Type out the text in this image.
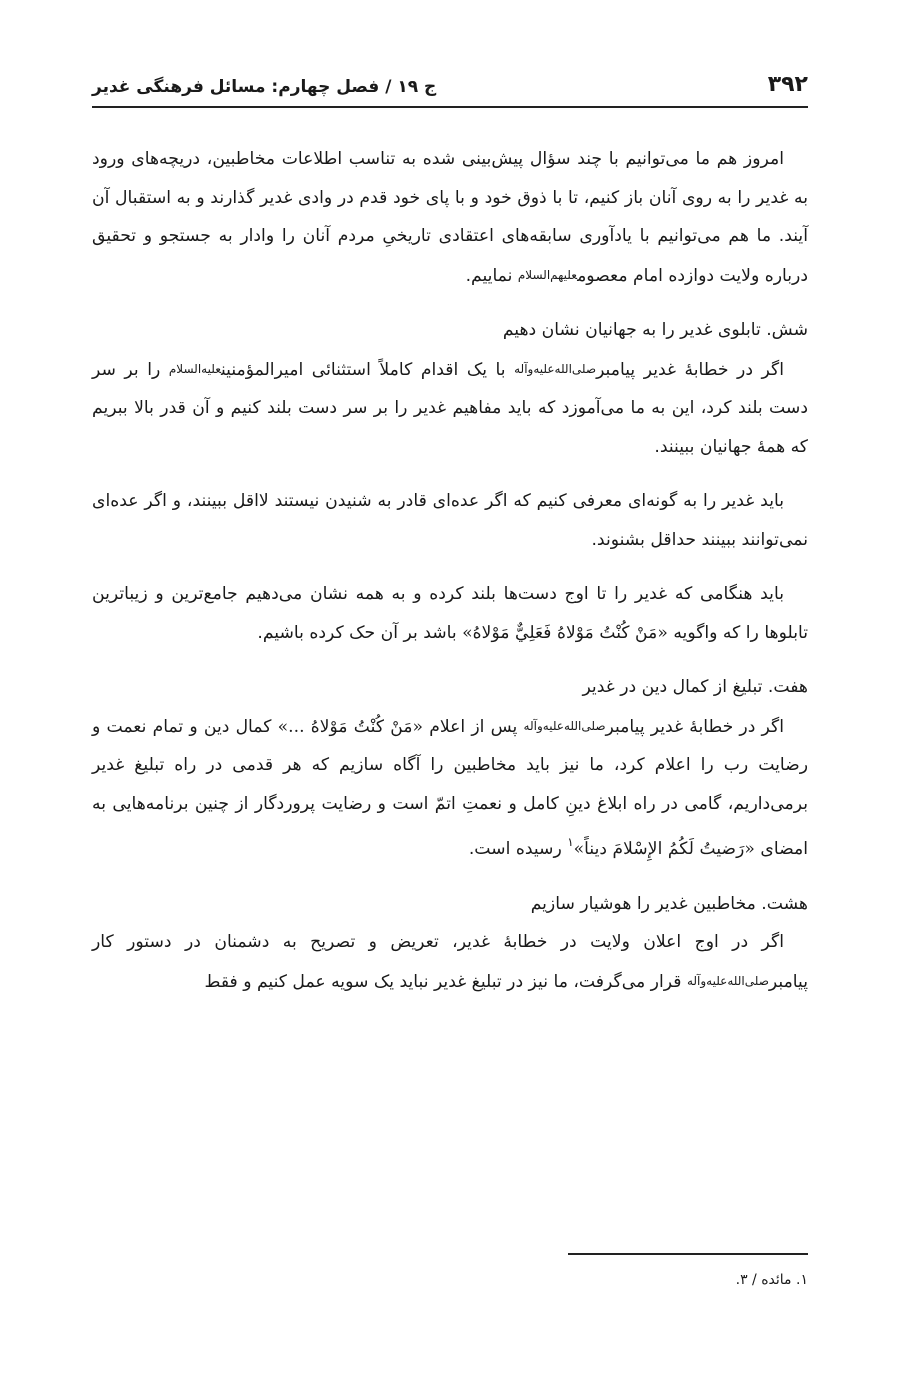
۳۹۲
ج ۱۹ / فصل چهارم: مسائل فرهنگی غدیر

امروز هم ما می‌توانیم با چند سؤال پیش‌بینی شده به تناسب اطلاعات مخاطبین، دریچه‌های ورود به غدیر را به روی آنان باز کنیم، تا با ذوق خود و با پای خود قدم در وادی غدیر گذارند و به استقبال آن آیند. ما هم می‌توانیم با یادآوری سابقه‌های اعتقادی تاریخیِ مردم آنان را وادار به جستجو و تحقیق درباره ولایت دوازده امام معصومعلیهم‌السلام نماییم.

شش. تابلوی غدیر را به جهانیان نشان دهیم

اگر در خطابهٔ غدیر پیامبرصلی‌الله‌علیه‌وآله با یک اقدام کاملاً استثنائی امیرالمؤمنینعلیه‌السلام را بر سر دست بلند کرد، این به ما می‌آموزد که باید مفاهیم غدیر را بر سر دست بلند کنیم و آن قدر بالا ببریم که همهٔ جهانیان ببینند.

باید غدیر را به گونه‌ای معرفی کنیم که اگر عده‌ای قادر به شنیدن نیستند لااقل ببینند، و اگر عده‌ای نمی‌توانند ببینند حداقل بشنوند.

باید هنگامی که غدیر را تا اوج دست‌ها بلند کرده و به همه نشان می‌دهیم جامع‌ترین و زیباترین تابلوها را که واگویه «مَنْ كُنْتُ مَوْلاهُ فَعَلِيٌّ مَوْلاهُ» باشد بر آن حک کرده باشیم.

هفت. تبلیغ از کمال دین در غدیر

اگر در خطابهٔ غدیر پیامبرصلی‌الله‌علیه‌وآله پس از اعلام «مَنْ كُنْتُ مَوْلاهُ ...» کمال دین و تمام نعمت و رضایت رب را اعلام کرد، ما نیز باید مخاطبین را آگاه سازیم که هر قدمی در راه تبلیغ غدیر برمی‌داریم، گامی در راه ابلاغ دینِ کامل و نعمتِ اتمّ است و رضایت پروردگار از چنین برنامه‌هایی به امضای «رَضيتُ لَكُمُ الإِسْلامَ ديناً»$^۱$ رسیده است.

هشت. مخاطبین غدیر را هوشیار سازیم

اگر در اوج اعلان ولایت در خطابهٔ غدیر، تعریض و تصریح به دشمنان در دستور کار پیامبرصلی‌الله‌علیه‌وآله قرار می‌گرفت، ما نیز در تبلیغ غدیر نباید یک سویه عمل کنیم و فقط

۱. مائده / ۳.
